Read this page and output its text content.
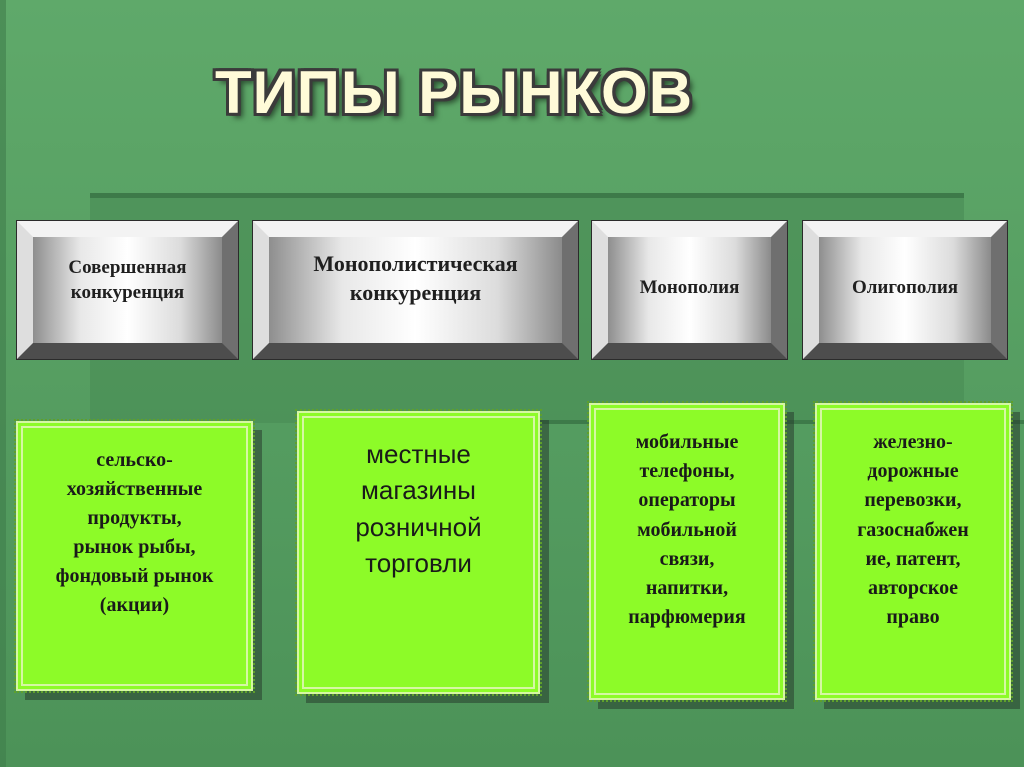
ТИПЫ РЫНКОВ
Совершенная
конкуренция
Монополистическая
конкуренция	Монополия	Олигополия
сельско-
хозяйственные
продукты,
рынок рыбы,
фондовый рынок
(акции)
местные
магазины
розничной
торговли
мобильные
телефоны,
операторы
мобильной
связи,
напитки,
парфюмерия
железно-
дорожные
перевозки,
газоснабжен
ие, патент,
авторское
право
